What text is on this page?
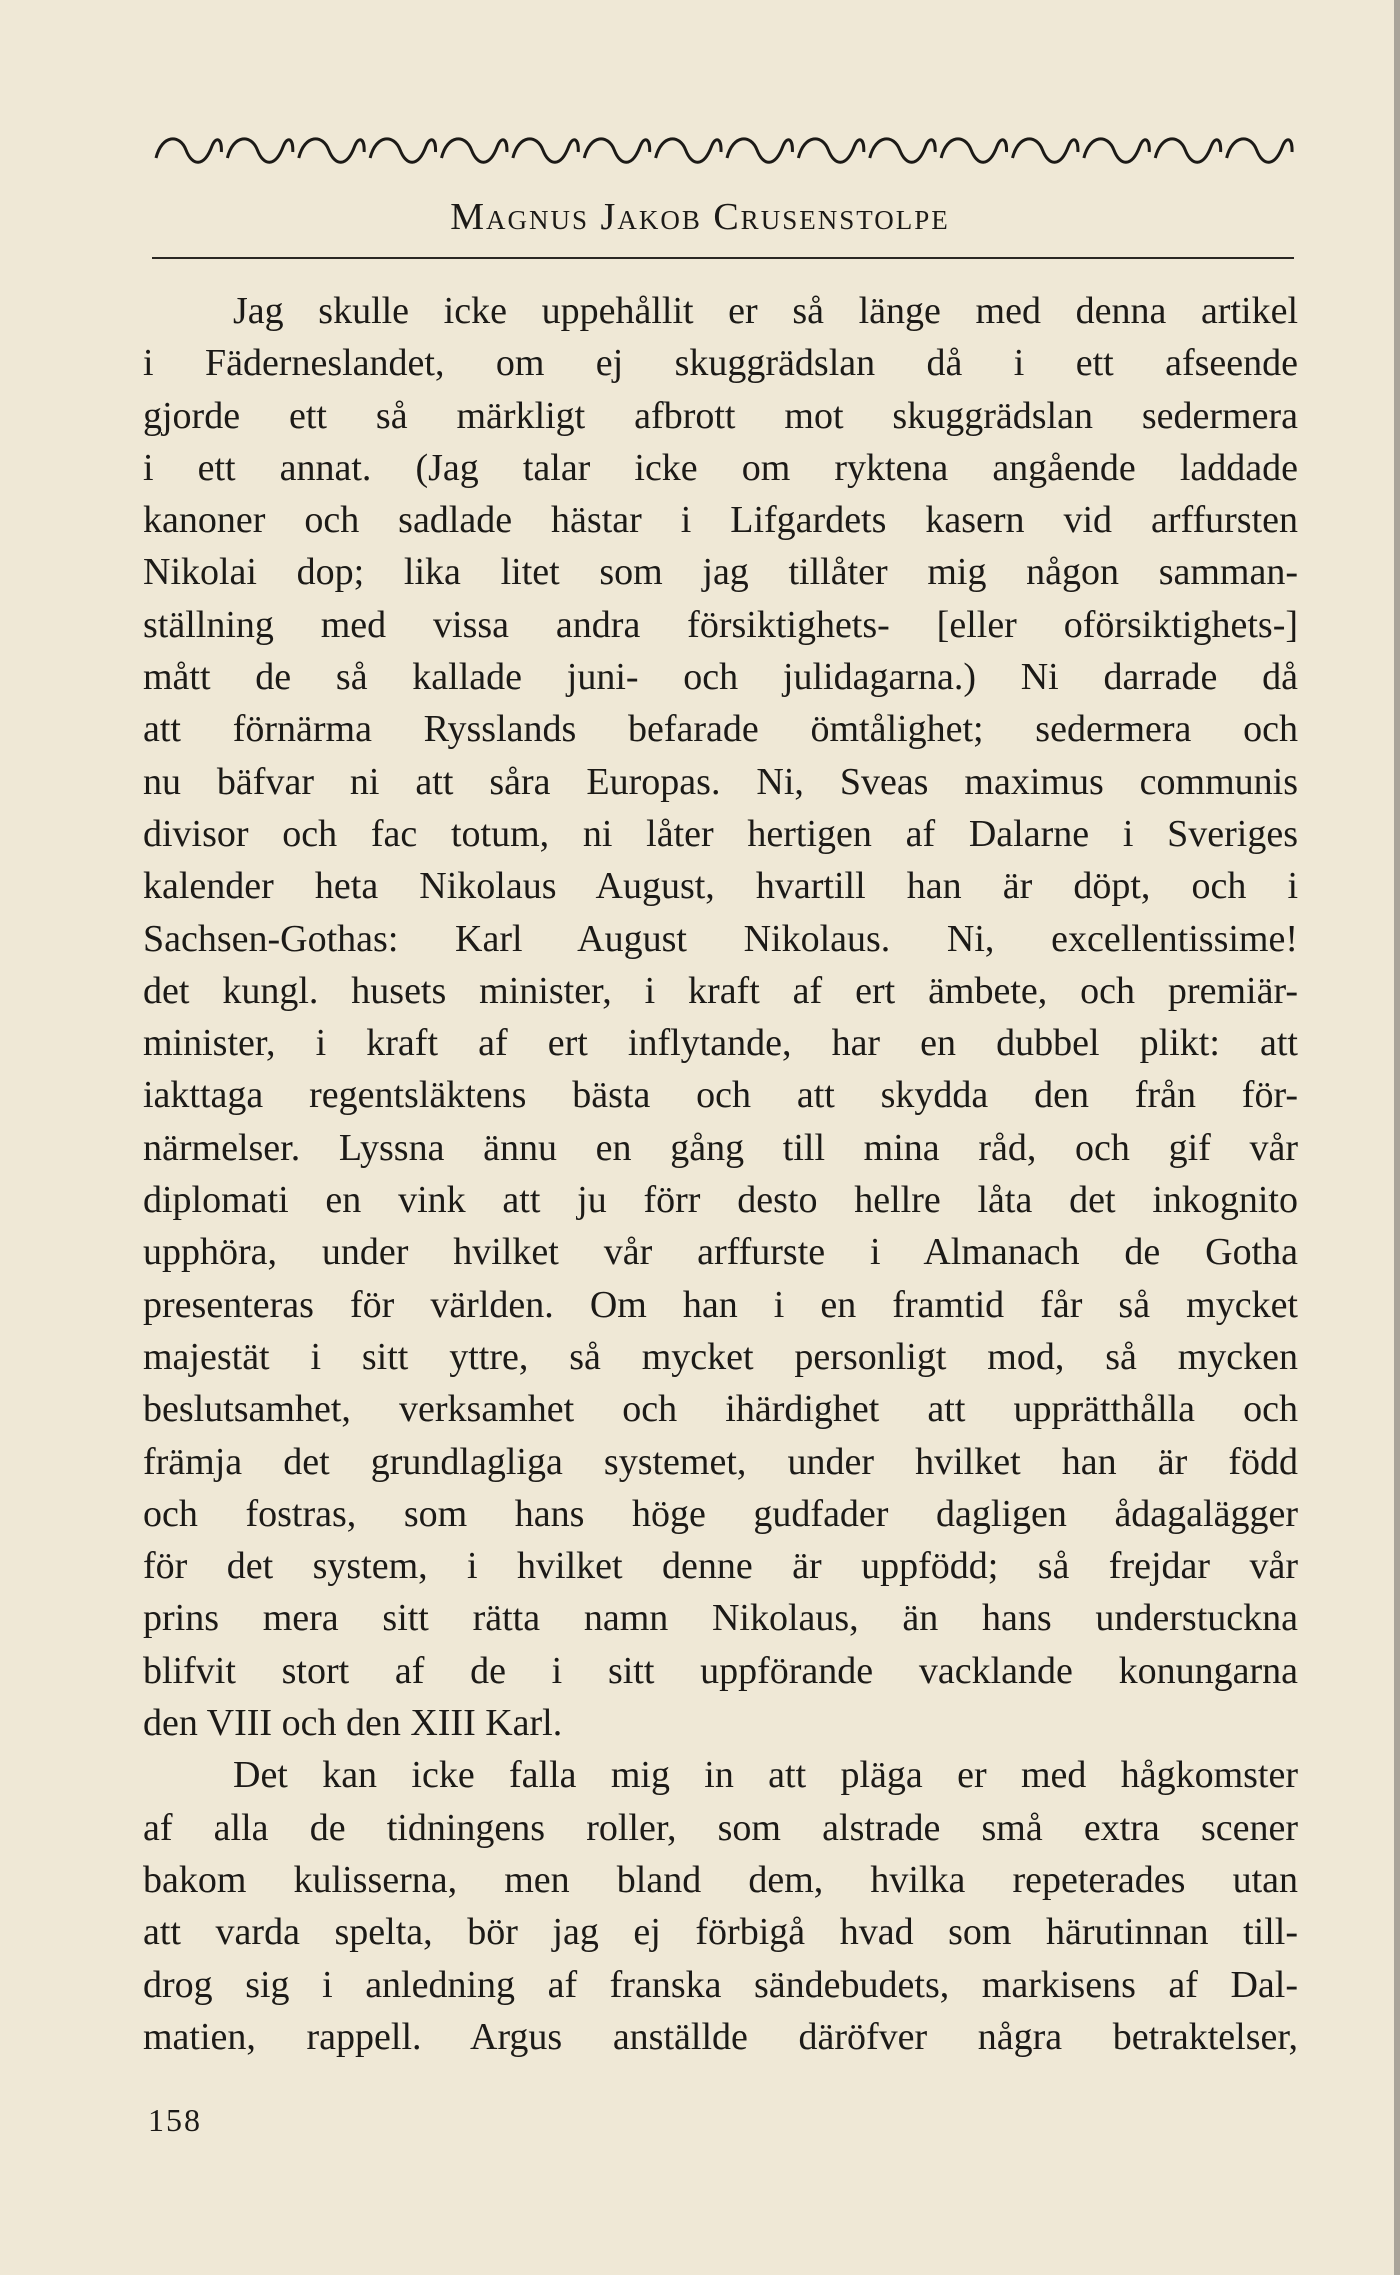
Magnus Jakob Crusenstolpe
Jag skulle icke uppehållit er så länge med denna artikel
i Fäderneslandet, om ej skuggrädslan då i ett afseende
gjorde ett så märkligt afbrott mot skuggrädslan sedermera
i ett annat. (Jag talar icke om ryktena angående laddade
kanoner och sadlade hästar i Lifgardets kasern vid arffursten
Nikolai dop; lika litet som jag tillåter mig någon samman-
ställning med vissa andra försiktighets- [eller oförsiktighets-]
mått de så kallade juni- och julidagarna.) Ni darrade då
att förnärma Rysslands befarade ömtålighet; sedermera och
nu bäfvar ni att såra Europas. Ni, Sveas maximus communis
divisor och fac totum, ni låter hertigen af Dalarne i Sveriges
kalender heta Nikolaus August, hvartill han är döpt, och i
Sachsen-Gothas: Karl August Nikolaus. Ni, excellentissime!
det kungl. husets minister, i kraft af ert ämbete, och premiär-
minister, i kraft af ert inflytande, har en dubbel plikt: att
iakttaga regentsläktens bästa och att skydda den från för-
närmelser. Lyssna ännu en gång till mina råd, och gif vår
diplomati en vink att ju förr desto hellre låta det inkognito
upphöra, under hvilket vår arffurste i Almanach de Gotha
presenteras för världen. Om han i en framtid får så mycket
majestät i sitt yttre, så mycket personligt mod, så mycken
beslutsamhet, verksamhet och ihärdighet att upprätthålla och
främja det grundlagliga systemet, under hvilket han är född
och fostras, som hans höge gudfader dagligen ådagalägger
för det system, i hvilket denne är uppfödd; så frejdar vår
prins mera sitt rätta namn Nikolaus, än hans understuckna
blifvit stort af de i sitt uppförande vacklande konungarna
den VIII och den XIII Karl.
Det kan icke falla mig in att pläga er med hågkomster
af alla de tidningens roller, som alstrade små extra scener
bakom kulisserna, men bland dem, hvilka repeterades utan
att varda spelta, bör jag ej förbigå hvad som härutinnan till-
drog sig i anledning af franska sändebudets, markisens af Dal-
matien, rappell. Argus anställde däröfver några betraktelser,
158
